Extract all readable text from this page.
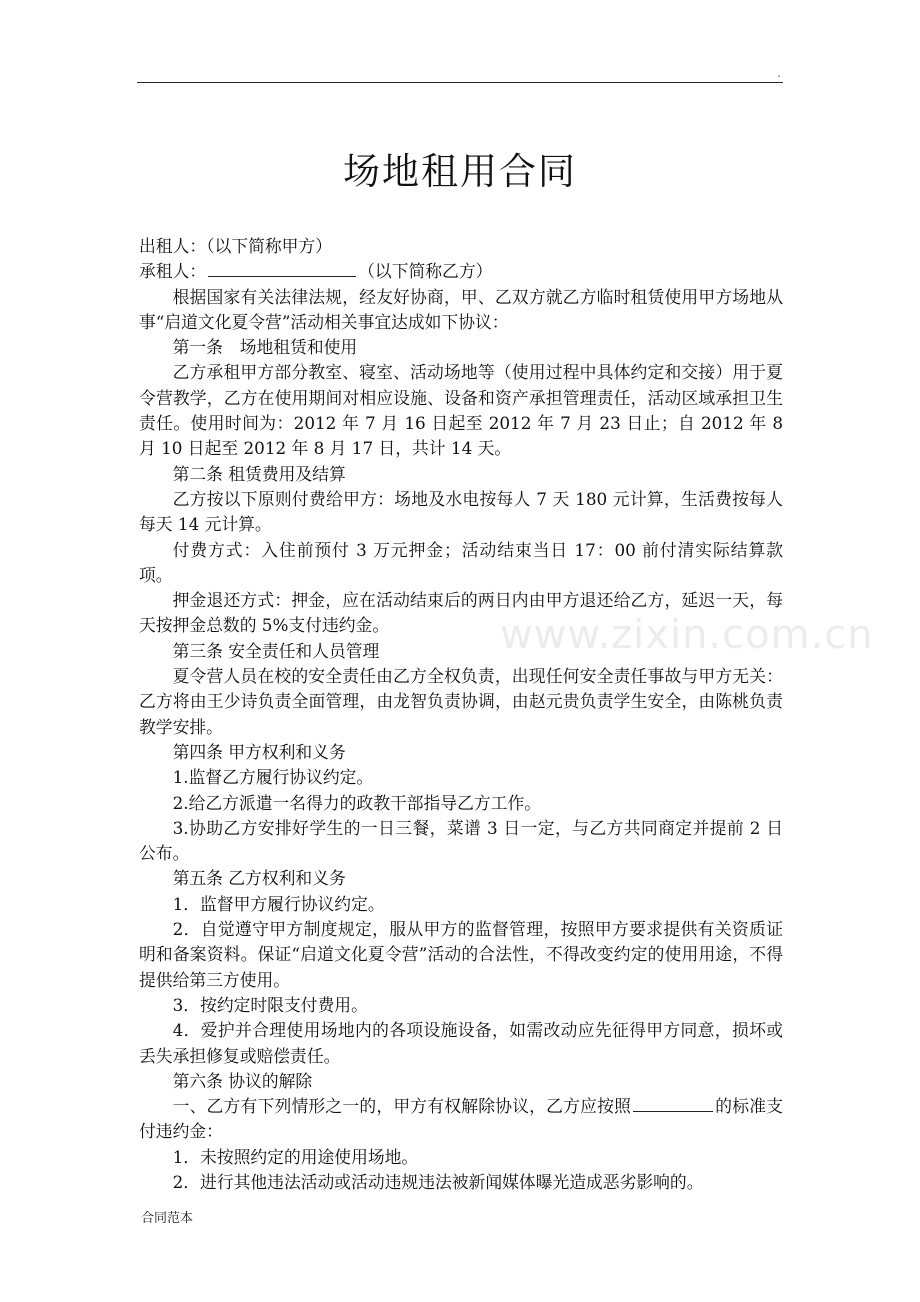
.
场地租用合同

出租人：（以下简称甲方）

承租人：	（以下简称乙方）

根据国家有关法律法规，经友好协商，甲、乙双方就乙方临时租赁使用甲方场地从事“启道文化夏令营”活动相关事宜达成如下协议：

第一条　场地租赁和使用

乙方承租甲方部分教室、寝室、活动场地等（使用过程中具体约定和交接）用于夏令营教学，乙方在使用期间对相应设施、设备和资产承担管理责任，活动区域承担卫生责任。使用时间为：2012 年 7 月 16 日起至 2012 年 7 月 23 日止；自 2012 年 8 月 10 日起至 2012 年 8 月 17 日，共计 14 天。

第二条 租赁费用及结算

乙方按以下原则付费给甲方：场地及水电按每人 7 天 180 元计算，生活费按每人每天 14 元计算。

付费方式：入住前预付 3 万元押金；活动结束当日 17：00 前付清实际结算款项。

押金退还方式：押金，应在活动结束后的两日内由甲方退还给乙方，延迟一天，每天按押金总数的 5%支付违约金。

第三条 安全责任和人员管理

夏令营人员在校的安全责任由乙方全权负责，出现任何安全责任事故与甲方无关：乙方将由王少诗负责全面管理，由龙智负责协调，由赵元贵负责学生安全，由陈桃负责教学安排。

第四条 甲方权利和义务

1.监督乙方履行协议约定。

2.给乙方派遣一名得力的政教干部指导乙方工作。

3.协助乙方安排好学生的一日三餐，菜谱 3 日一定，与乙方共同商定并提前 2 日公布。

第五条 乙方权利和义务

1．监督甲方履行协议约定。

2．自觉遵守甲方制度规定，服从甲方的监督管理，按照甲方要求提供有关资质证明和备案资料。保证“启道文化夏令营”活动的合法性，不得改变约定的使用用途，不得提供给第三方使用。

3．按约定时限支付费用。

4．爱护并合理使用场地内的各项设施设备，如需改动应先征得甲方同意，损坏或丢失承担修复或赔偿责任。

第六条 协议的解除

一、乙方有下列情形之一的，甲方有权解除协议，乙方应按照	的标准支付违约金：

1．未按照约定的用途使用场地。

2．进行其他违法活动或活动违规违法被新闻媒体曝光造成恶劣影响的。

www.zixin.com.cn
合同范本
